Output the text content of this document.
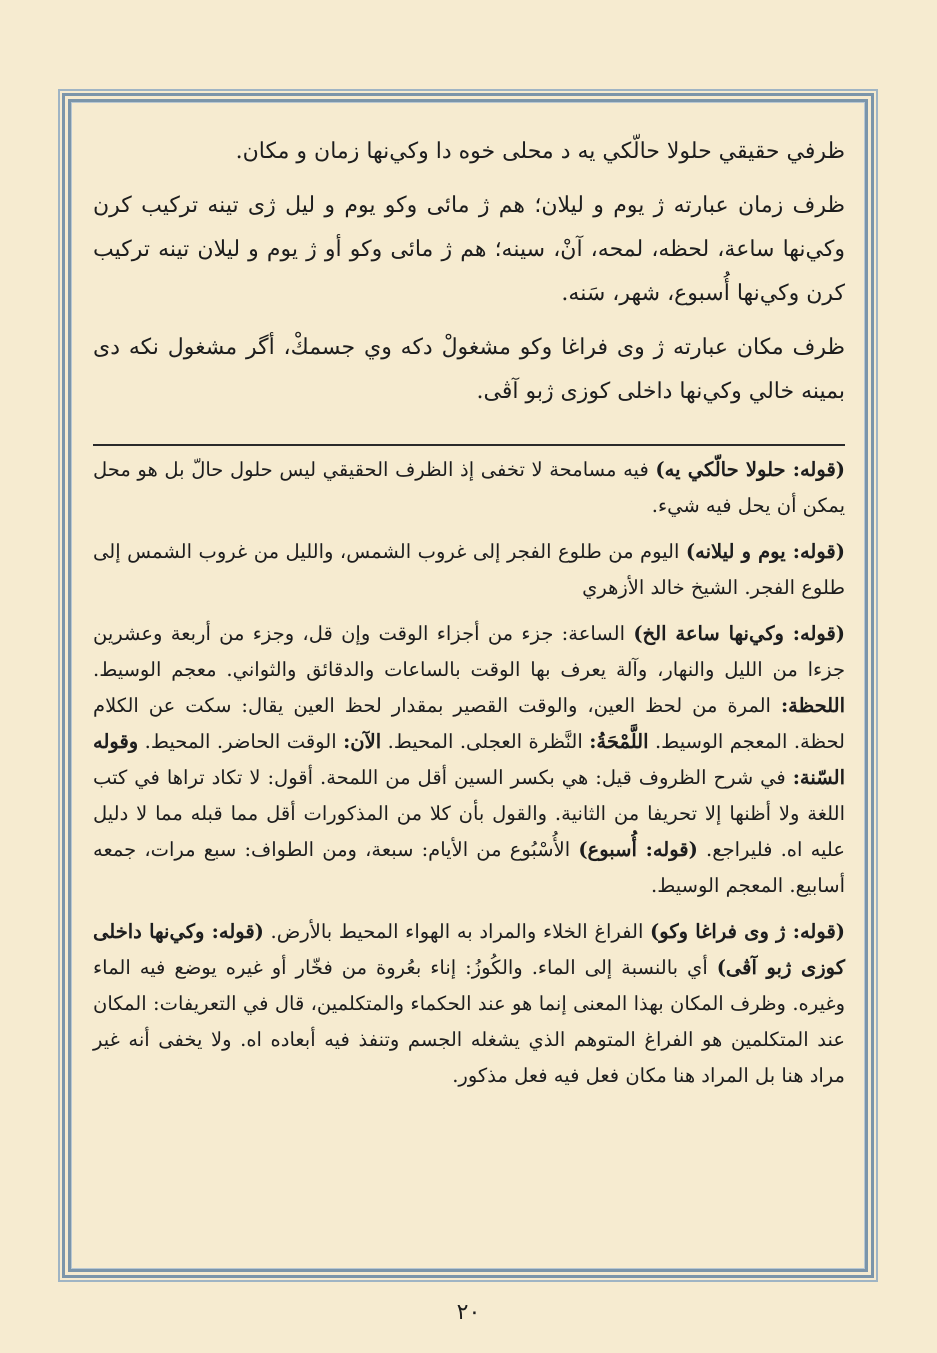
ظرفي حقيقي حلولا حالّكي يه د محلى خوه دا وكي‌نها زمان و مكان.

ظرف زمان عبارته ژ يوم و ليلان؛ هم ژ مائى وكو يوم و ليل ژى تينه تركيب كرن وكي‌نها ساعة، لحظه، لمحه، آنْ، سينه؛ هم ژ مائى وكو أو ژ يوم و ليلان تينه تركيب كرن وكي‌نها أُسبوع، شهر، سَنه.

ظرف مكان عبارته ژ وى فراغا وكو مشغولْ دكه وي جسمكْ، أگر مشغول نكه دى بمينه خالي وكي‌نها داخلى كوزى ژبو آڤى.

(قوله: حلولا حالّكي يه) فيه مسامحة لا تخفى إذ الظرف الحقيقي ليس حلول حالّ بل هو محل يمكن أن يحل فيه شيء.

(قوله: يوم و ليلانه) اليوم من طلوع الفجر إلى غروب الشمس، والليل من غروب الشمس إلى طلوع الفجر. الشيخ خالد الأزهري

(قوله: وكي‌نها ساعة الخ) الساعة: جزء من أجزاء الوقت وإن قل، وجزء من أربعة وعشرين جزءا من الليل والنهار، وآلة يعرف بها الوقت بالساعات والدقائق والثواني. معجم الوسيط. اللحظة: المرة من لحظ العين، والوقت القصير بمقدار لحظ العين يقال: سكت عن الكلام لحظة. المعجم الوسيط. اللَّمْحَةُ: النَّظرة العجلى. المحيط. الآن: الوقت الحاضر. المحيط. وقوله السّنة: في شرح الظروف قيل: هي بكسر السين أقل من اللمحة. أقول: لا تكاد تراها في كتب اللغة ولا أظنها إلا تحريفا من الثانية. والقول بأن كلا من المذكورات أقل مما قبله مما لا دليل عليه اه. فليراجع. (قوله: أُسبوع) الأُسْبُوع من الأيام: سبعة، ومن الطواف: سبع مرات، جمعه أسابيع. المعجم الوسيط.

(قوله: ژ وى فراغا وكو) الفراغ الخلاء والمراد به الهواء المحيط بالأرض. (قوله: وكي‌نها داخلى كوزى ژبو آڤى) أي بالنسبة إلى الماء. والكُوزُ: إناء بعُروة من فخّار أو غيره يوضع فيه الماء وغيره. وظرف المكان بهذا المعنى إنما هو عند الحكماء والمتكلمين، قال في التعريفات: المكان عند المتكلمين هو الفراغ المتوهم الذي يشغله الجسم وتنفذ فيه أبعاده اه. ولا يخفى أنه غير مراد هنا بل المراد هنا مكان فعل فيه فعل مذكور.

٢٠
